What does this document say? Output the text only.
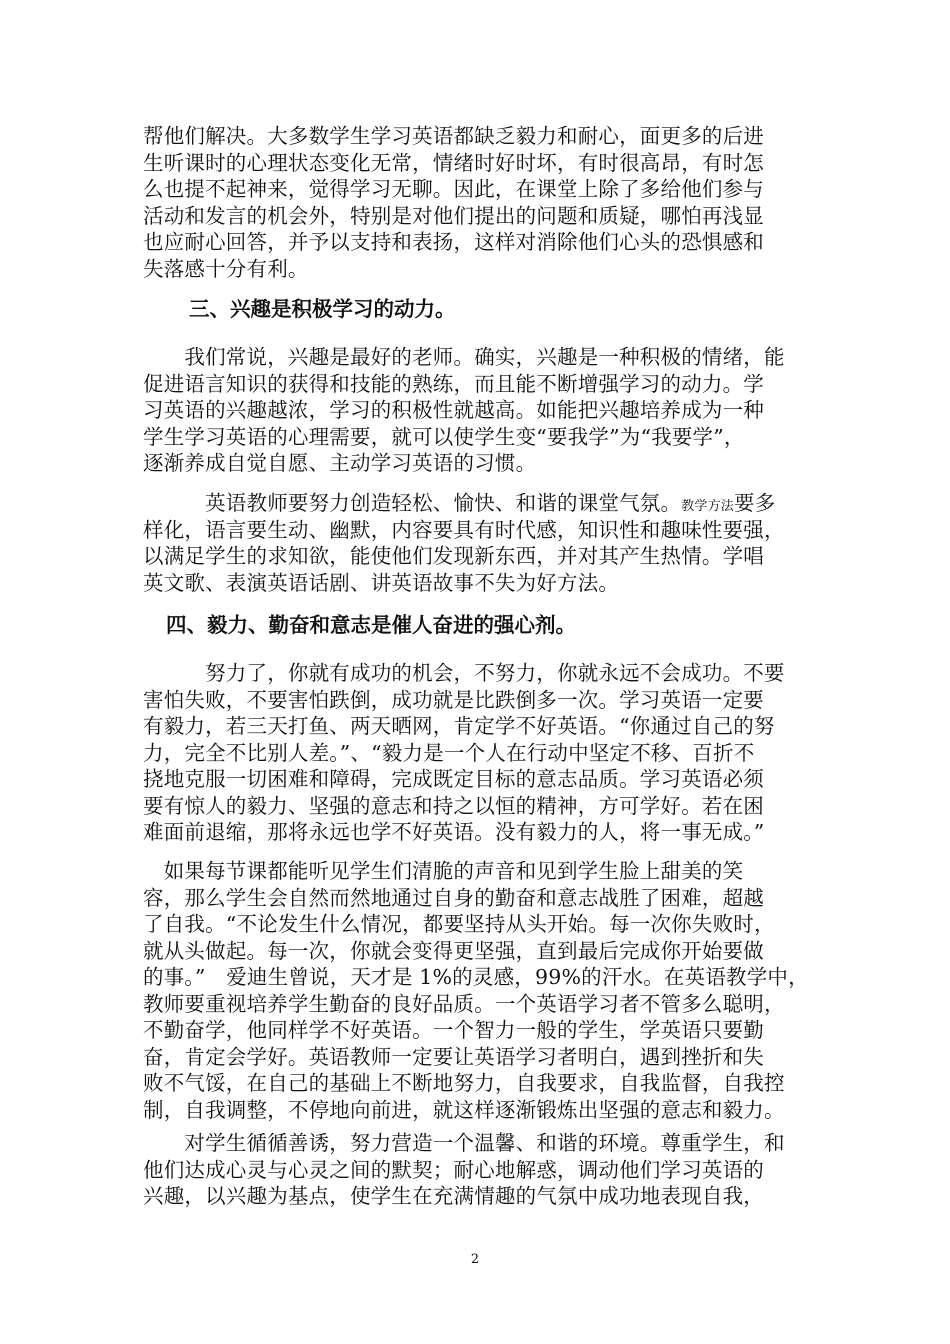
帮他们解决。大多数学生学习英语都缺乏毅力和耐心，面更多的后进
生听课时的心理状态变化无常，情绪时好时坏，有时很高昂，有时怎
么也提不起神来，觉得学习无聊。因此，在课堂上除了多给他们参与
活动和发言的机会外，特别是对他们提出的问题和质疑，哪怕再浅显
也应耐心回答，并予以支持和表扬，这样对消除他们心头的恐惧感和
失落感十分有利。
三、兴趣是积极学习的动力。
　　我们常说，兴趣是最好的老师。确实，兴趣是一种积极的情绪，能
促进语言知识的获得和技能的熟练，而且能不断增强学习的动力。学
习英语的兴趣越浓，学习的积极性就越高。如能把兴趣培养成为一种
学生学习英语的心理需要，就可以使学生变“要我学”为“我要学”，
逐渐养成自觉自愿、主动学习英语的习惯。
　　　英语教师要努力创造轻松、愉快、和谐的课堂气氛。教学方法要多
样化，语言要生动、幽默，内容要具有时代感，知识性和趣味性要强，
以满足学生的求知欲，能使他们发现新东西，并对其产生热情。学唱
英文歌、表演英语话剧、讲英语故事不失为好方法。
四、毅力、勤奋和意志是催人奋进的强心剂。
　　　努力了，你就有成功的机会，不努力，你就永远不会成功。不要
害怕失败，不要害怕跌倒，成功就是比跌倒多一次。学习英语一定要
有毅力，若三天打鱼、两天晒网，肯定学不好英语。“你通过自己的努
力，完全不比别人差。”、“毅力是一个人在行动中坚定不移、百折不
挠地克服一切困难和障碍，完成既定目标的意志品质。学习英语必须
要有惊人的毅力、坚强的意志和持之以恒的精神，方可学好。若在困
难面前退缩，那将永远也学不好英语。没有毅力的人，将一事无成。”
　如果每节课都能听见学生们清脆的声音和见到学生脸上甜美的笑
容，那么学生会自然而然地通过自身的勤奋和意志战胜了困难，超越
了自我。“不论发生什么情况，都要坚持从头开始。每一次你失败时，
就从头做起。每一次，你就会变得更坚强，直到最后完成你开始要做
的事。”　爱迪生曾说，天才是 1%的灵感，99%的汗水。在英语教学中，
教师要重视培养学生勤奋的良好品质。一个英语学习者不管多么聪明，
不勤奋学，他同样学不好英语。一个智力一般的学生，学英语只要勤
奋，肯定会学好。英语教师一定要让英语学习者明白，遇到挫折和失
败不气馁，在自己的基础上不断地努力，自我要求，自我监督，自我控
制，自我调整，不停地向前进，就这样逐渐锻炼出坚强的意志和毅力。
　　对学生循循善诱，努力营造一个温馨、和谐的环境。尊重学生，和
他们达成心灵与心灵之间的默契；耐心地解惑，调动他们学习英语的
兴趣，以兴趣为基点，使学生在充满情趣的气氛中成功地表现自我，
2
